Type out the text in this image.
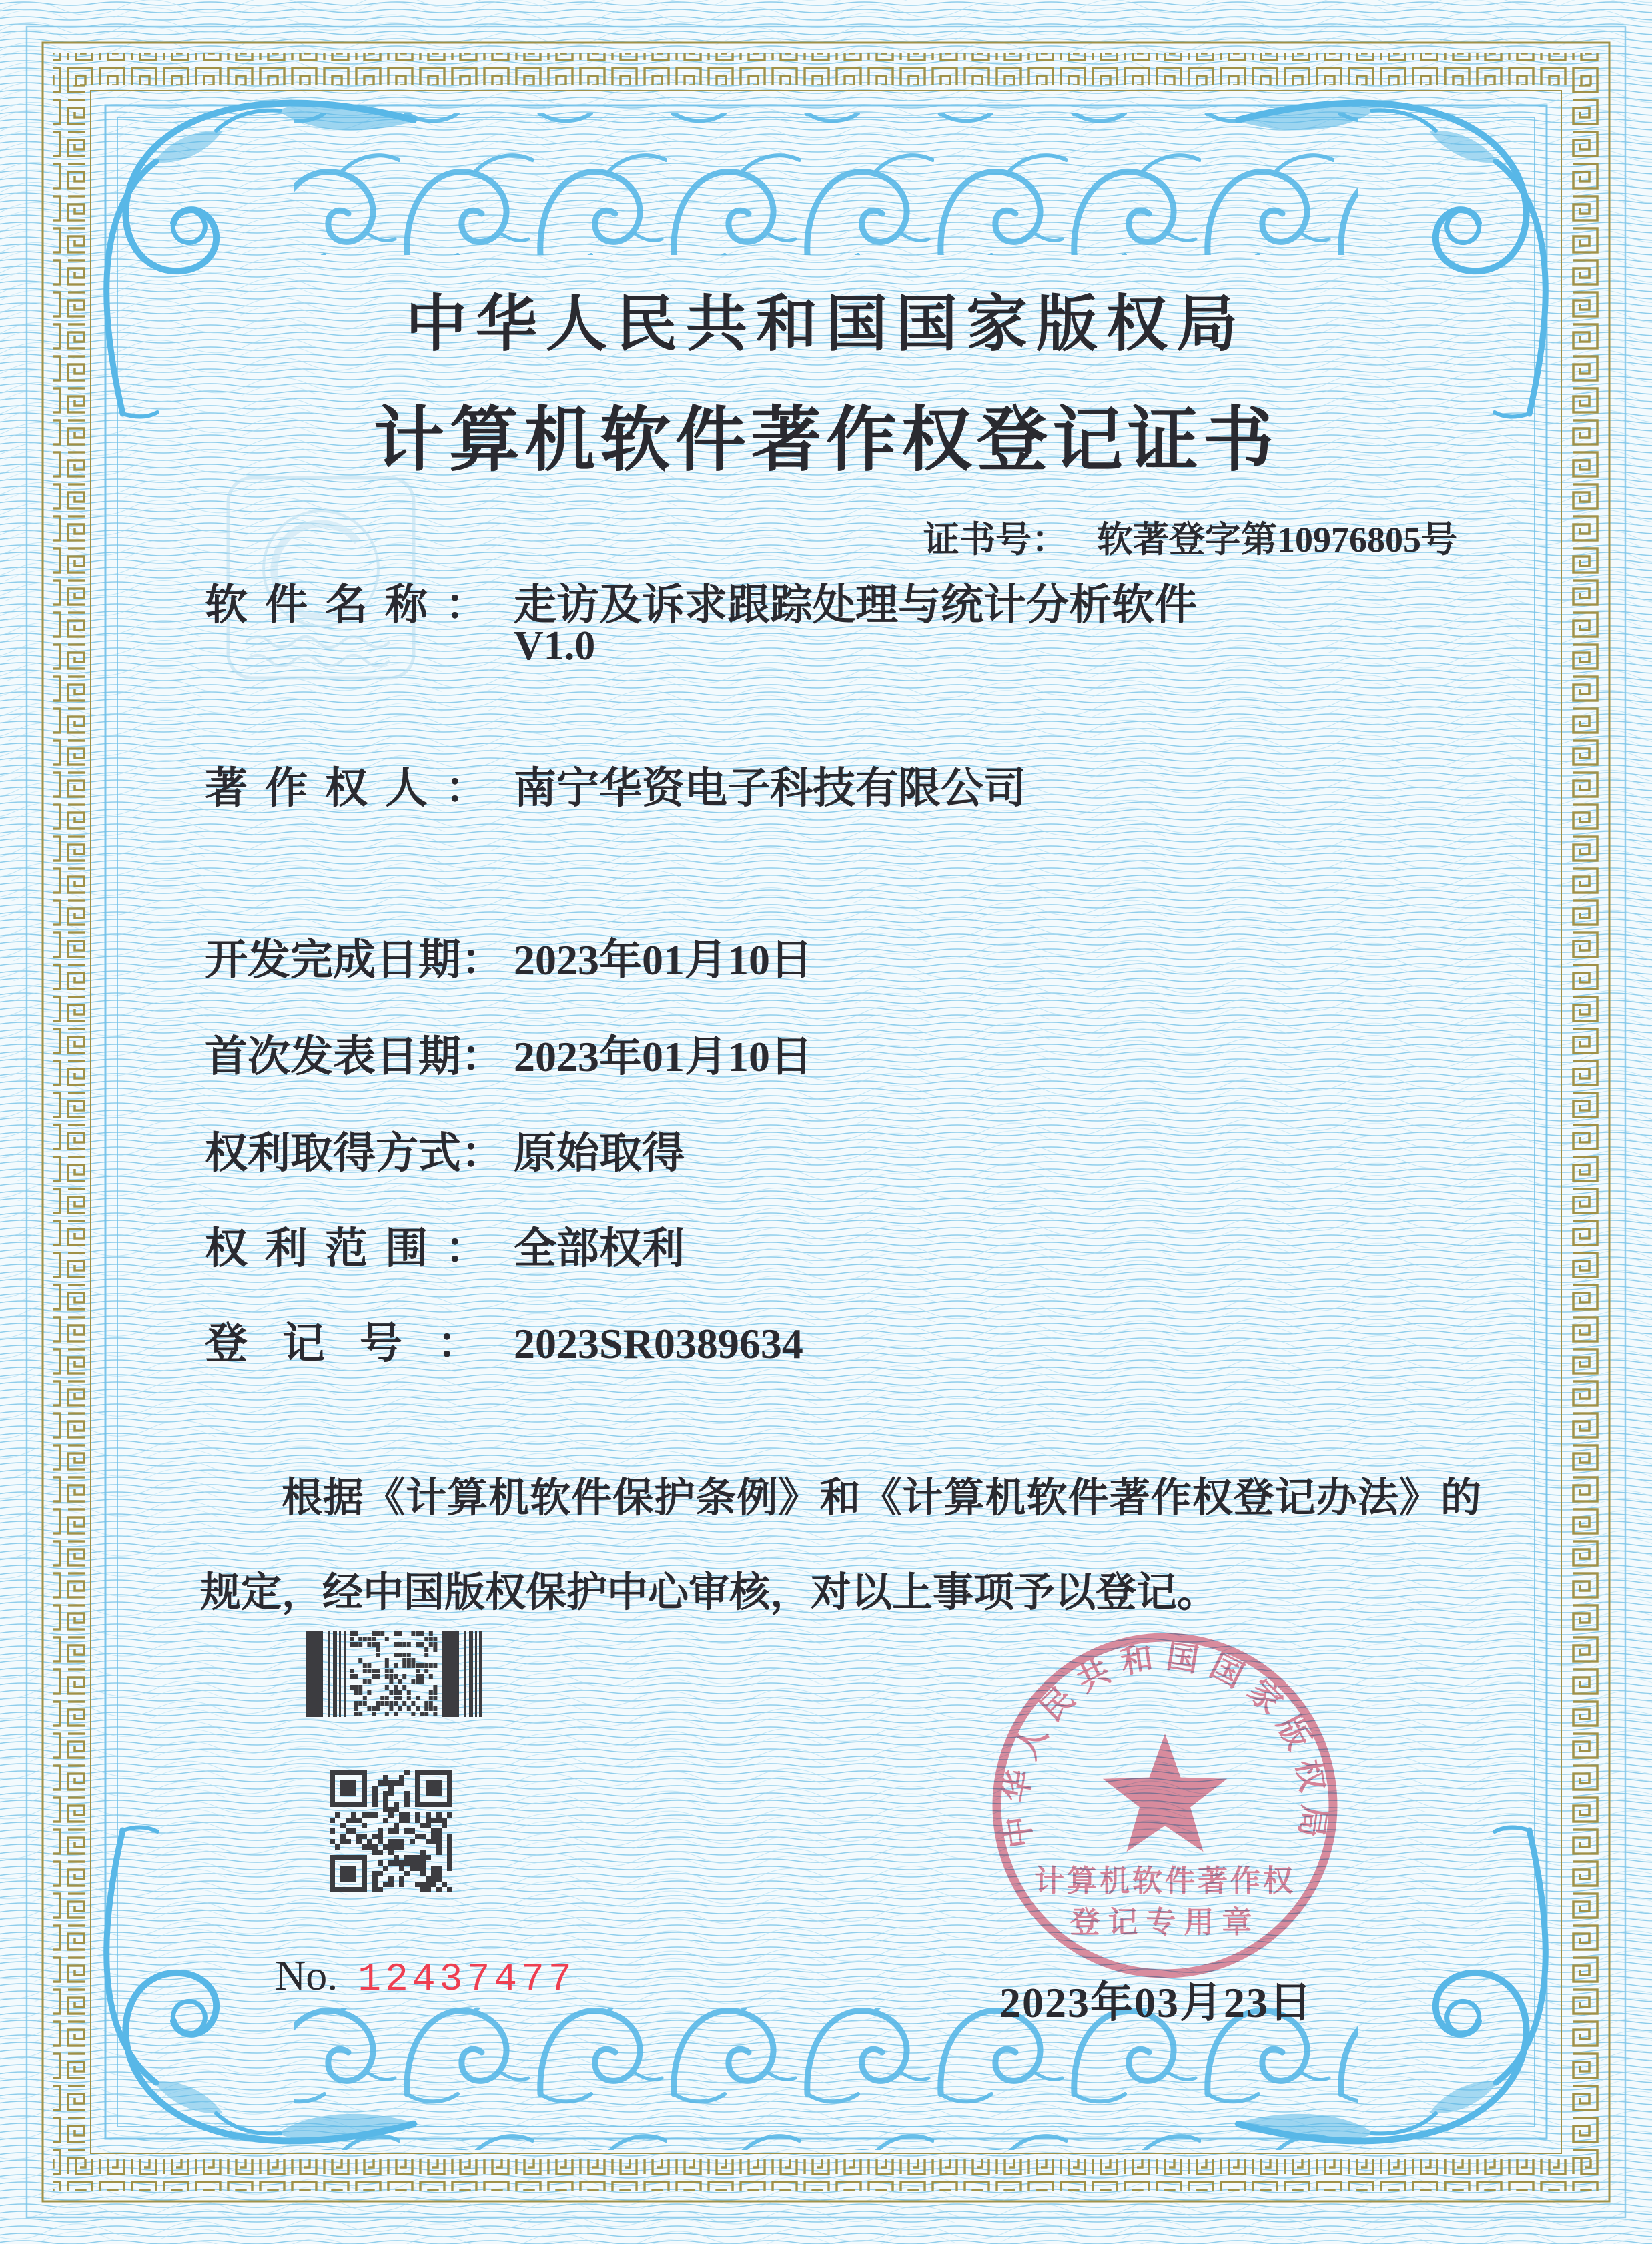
中华人民共和国国家版权局
计算机软件著作权登记证书
证书号： 软著登字第10976805号
软件名称： 走访及诉求跟踪处理与统计分析软件
V1.0
著作权人： 南宁华资电子科技有限公司
开发完成日期： 2023年01月10日
首次发表日期： 2023年01月10日
权利取得方式： 原始取得
权利范围： 全部权利
登记号：2023SR0389634

根据《计算机软件保护条例》和《计算机软件著作权登记办法》的规定，经中国版权保护中心审核，对以上事项予以登记。

No. 12437477	2023年03月23日
中华人民共和国国家版权局
计算机软件著作权
登记专用章
